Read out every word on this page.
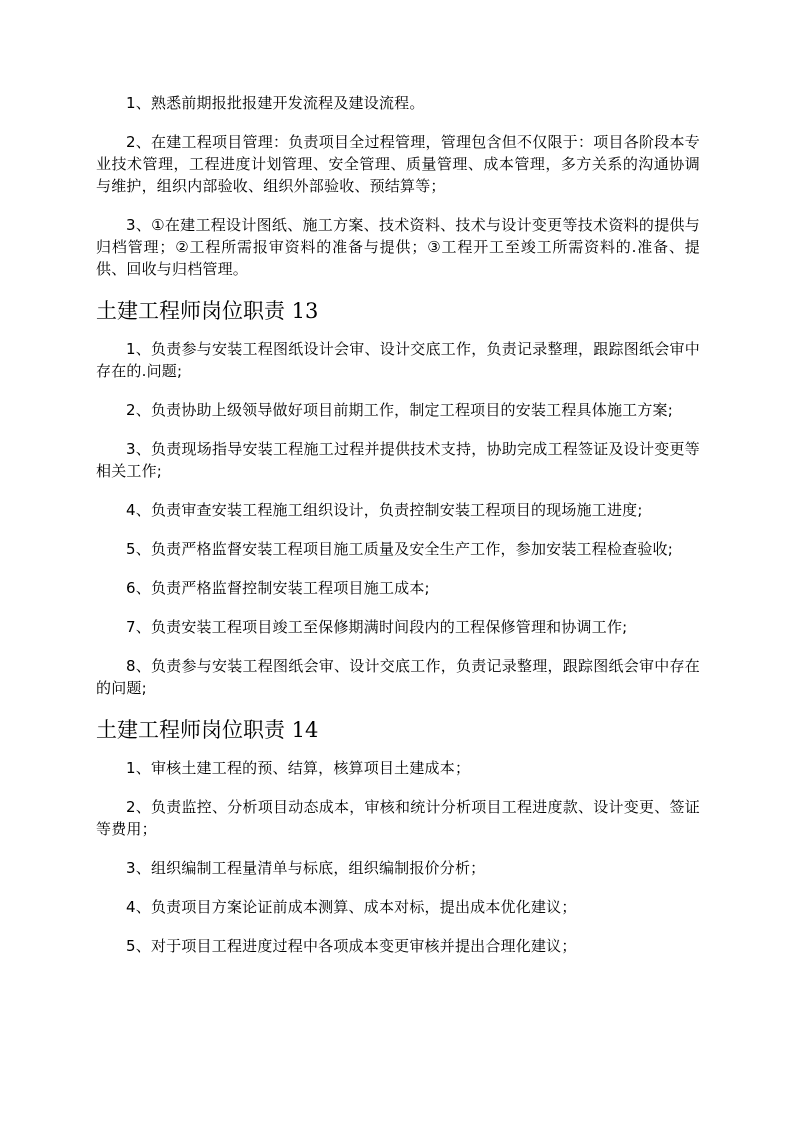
1、熟悉前期报批报建开发流程及建设流程。

2、在建工程项目管理：负责项目全过程管理，管理包含但不仅限于：项目各阶段本专业技术管理，工程进度计划管理、安全管理、质量管理、成本管理，多方关系的沟通协调与维护，组织内部验收、组织外部验收、预结算等；

3、①在建工程设计图纸、施工方案、技术资料、技术与设计变更等技术资料的提供与归档管理；②工程所需报审资料的准备与提供；③工程开工至竣工所需资料的.准备、提供、回收与归档管理。

土建工程师岗位职责 13

1、负责参与安装工程图纸设计会审、设计交底工作，负责记录整理，跟踪图纸会审中存在的.问题;

2、负责协助上级领导做好项目前期工作，制定工程项目的安装工程具体施工方案;

3、负责现场指导安装工程施工过程并提供技术支持，协助完成工程签证及设计变更等相关工作;

4、负责审查安装工程施工组织设计，负责控制安装工程项目的现场施工进度;

5、负责严格监督安装工程项目施工质量及安全生产工作，参加安装工程检查验收;

6、负责严格监督控制安装工程项目施工成本;

7、负责安装工程项目竣工至保修期满时间段内的工程保修管理和协调工作;

8、负责参与安装工程图纸会审、设计交底工作，负责记录整理，跟踪图纸会审中存在的问题;

土建工程师岗位职责 14

1、审核土建工程的预、结算，核算项目土建成本；

2、负责监控、分析项目动态成本，审核和统计分析项目工程进度款、设计变更、签证等费用；

3、组织编制工程量清单与标底，组织编制报价分析；

4、负责项目方案论证前成本测算、成本对标，提出成本优化建议；

5、对于项目工程进度过程中各项成本变更审核并提出合理化建议；
